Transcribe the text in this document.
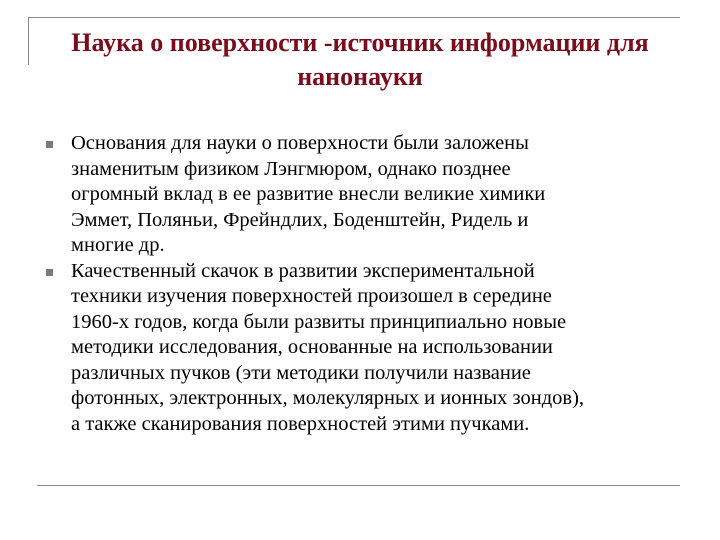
Наука о поверхности -источник информации для
нанонауки
Основания для науки о поверхности были заложены
знаменитым физиком Лэнгмюром, однако позднее
огромный вклад в ее развитие внесли великие химики
Эммет, Поляньи, Фрейндлих, Боденштейн, Ридель и
многие др.
Качественный скачок в развитии экспериментальной
техники изучения поверхностей произошел в середине
1960-х годов, когда были развиты принципиально новые
методики исследования, основанные на использовании
различных пучков (эти методики получили название
фотонных, электронных, молекулярных и ионных зондов),
а также сканирования поверхностей этими пучками.
